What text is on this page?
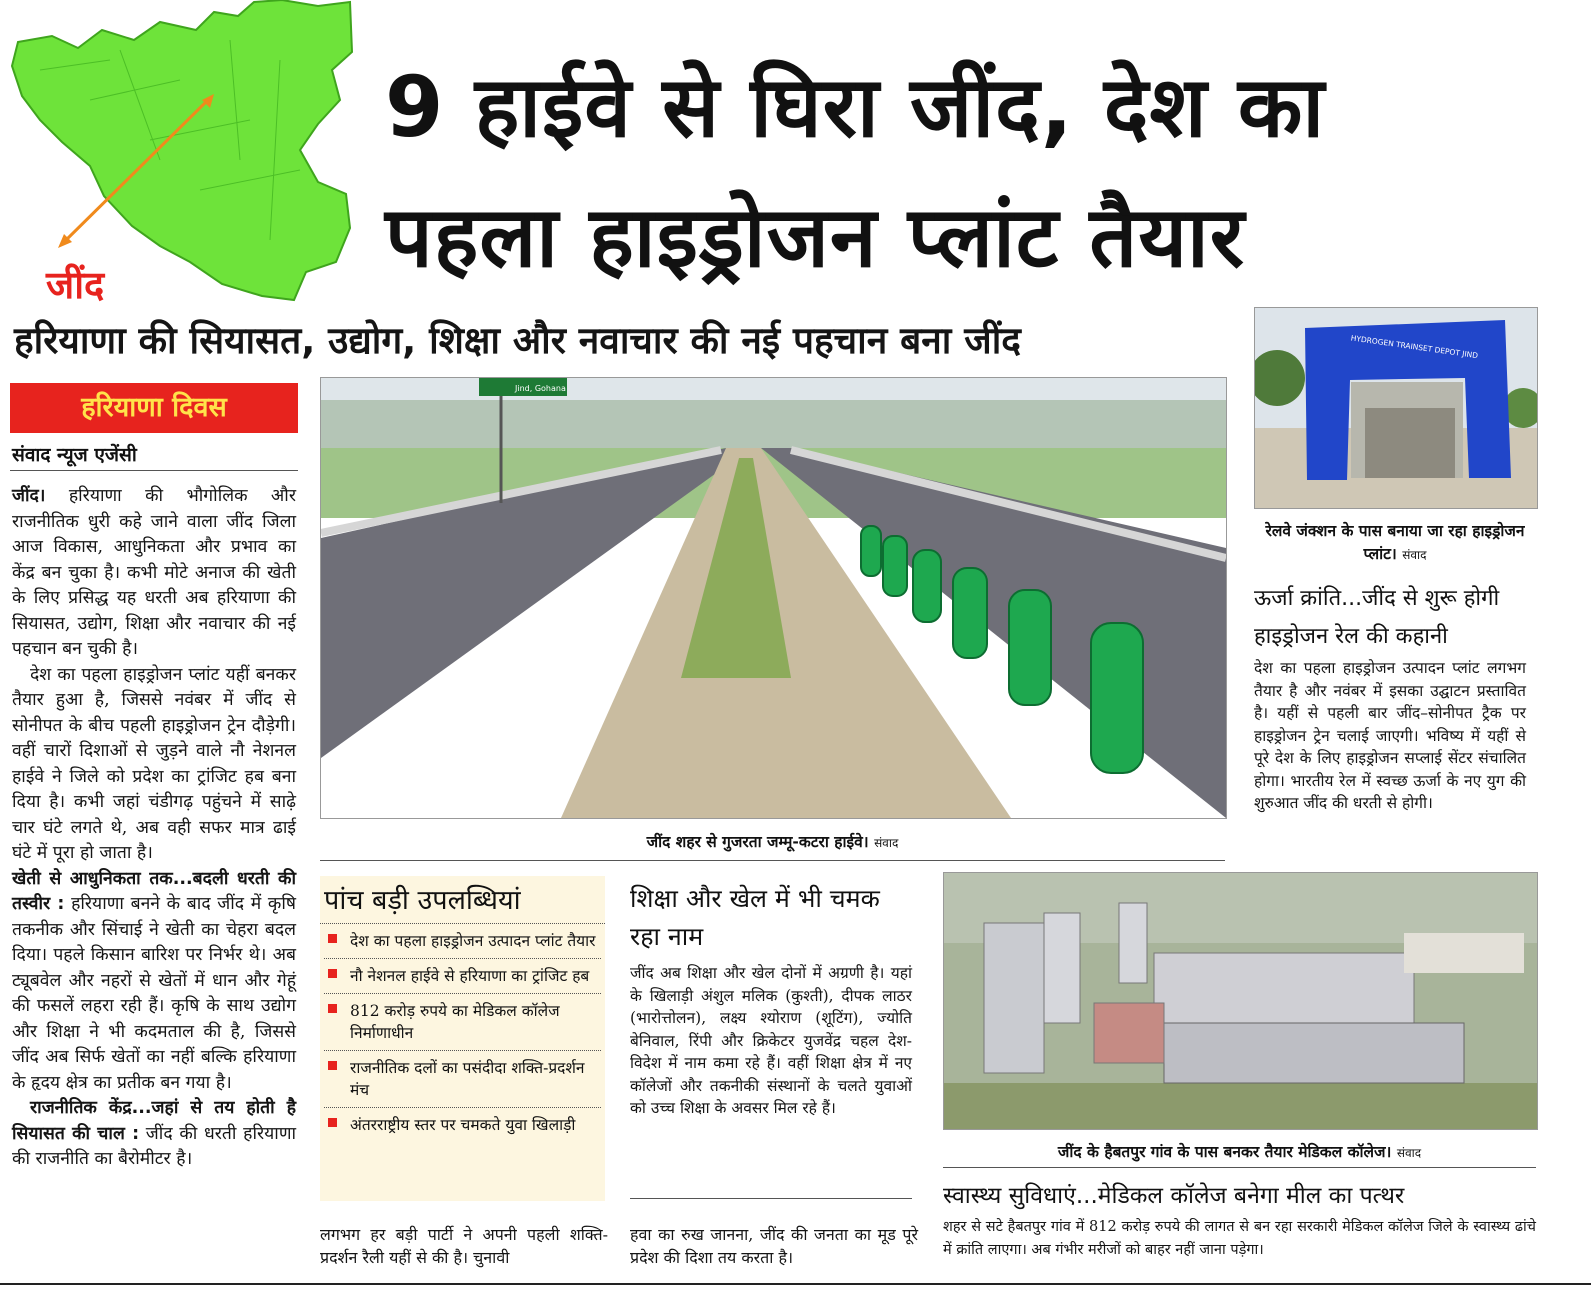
जींद
9 हाईवे से घिरा जींद, देश का
पहला हाइड्रोजन प्लांट तैयार
हरियाणा की सियासत, उद्योग, शिक्षा और नवाचार की नई पहचान बना जींद
हरियाणा दिवस
संवाद न्यूज एजेंसी

जींद। हरियाणा की भौगोलिक और राजनीतिक धुरी कहे जाने वाला जींद जिला आज विकास, आधुनिकता और प्रभाव का केंद्र बन चुका है। कभी मोटे अनाज की खेती के लिए प्रसिद्ध यह धरती अब हरियाणा की सियासत, उद्योग, शिक्षा और नवाचार की नई पहचान बन चुकी है।

देश का पहला हाइड्रोजन प्लांट यहीं बनकर तैयार हुआ है, जिससे नवंबर में जींद से सोनीपत के बीच पहली हाइड्रोजन ट्रेन दौड़ेगी। वहीं चारों दिशाओं से जुड़ने वाले नौ नेशनल हाईवे ने जिले को प्रदेश का ट्रांजिट हब बना दिया है। कभी जहां चंडीगढ़ पहुंचने में साढ़े चार घंटे लगते थे, अब वही सफर मात्र ढाई घंटे में पूरा हो जाता है।

खेती से आधुनिकता तक...बदली धरती की तस्वीर : हरियाणा बनने के बाद जींद में कृषि तकनीक और सिंचाई ने खेती का चेहरा बदल दिया। पहले किसान बारिश पर निर्भर थे। अब ट्यूबवेल और नहरों से खेतों में धान और गेहूं की फसलें लहरा रही हैं। कृषि के साथ उद्योग और शिक्षा ने भी कदमताल की है, जिससे जींद अब सिर्फ खेतों का नहीं बल्कि हरियाणा के हृदय क्षेत्र का प्रतीक बन गया है।

राजनीतिक केंद्र...जहां से तय होती है सियासत की चाल : जींद की धरती हरियाणा की राजनीति का बैरोमीटर है।

Jind, Gohana
जींद शहर से गुजरता जम्मू-कटरा हाईवे। संवाद
HYDROGEN TRAINSET DEPOT JIND
रेलवे जंक्शन के पास बनाया जा रहा हाइड्रोजन प्लांट। संवाद
ऊर्जा क्रांति...जींद से शुरू होगी हाइड्रोजन रेल की कहानी
देश का पहला हाइड्रोजन उत्पादन प्लांट लगभग तैयार है और नवंबर में इसका उद्घाटन प्रस्तावित है। यहीं से पहली बार जींद–सोनीपत ट्रैक पर हाइड्रोजन ट्रेन चलाई जाएगी। भविष्य में यहीं से पूरे देश के लिए हाइड्रोजन सप्लाई सेंटर संचालित होगा। भारतीय रेल में स्वच्छ ऊर्जा के नए युग की शुरुआत जींद की धरती से होगी।
पांच बड़ी उपलब्धियां
देश का पहला हाइड्रोजन उत्पादन प्लांट तैयार
नौ नेशनल हाईवे से हरियाणा का ट्रांजिट हब
812 करोड़ रुपये का मेडिकल कॉलेज निर्माणाधीन
राजनीतिक दलों का पसंदीदा शक्ति-प्रदर्शन मंच
अंतरराष्ट्रीय स्तर पर चमकते युवा खिलाड़ी
शिक्षा और खेल में भी चमक रहा नाम
जींद अब शिक्षा और खेल दोनों में अग्रणी है। यहां के खिलाड़ी अंशुल मलिक (कुश्ती), दीपक लाठर (भारोत्तोलन), लक्ष्य श्योराण (शूटिंग), ज्योति बेनिवाल, रिंपी और क्रिकेटर युजवेंद्र चहल देश-विदेश में नाम कमा रहे हैं। वहीं शिक्षा क्षेत्र में नए कॉलेजों और तकनीकी संस्थानों के चलते युवाओं को उच्च शिक्षा के अवसर मिल रहे हैं।
लगभग हर बड़ी पार्टी ने अपनी पहली शक्ति-प्रदर्शन रैली यहीं से की है। चुनावी
हवा का रुख जानना, जींद की जनता का मूड पूरे प्रदेश की दिशा तय करता है।
जींद के हैबतपुर गांव के पास बनकर तैयार मेडिकल कॉलेज। संवाद
स्वास्थ्य सुविधाएं...मेडिकल कॉलेज बनेगा मील का पत्थर
शहर से सटे हैबतपुर गांव में 812 करोड़ रुपये की लागत से बन रहा सरकारी मेडिकल कॉलेज जिले के स्वास्थ्य ढांचे में क्रांति लाएगा। अब गंभीर मरीजों को बाहर नहीं जाना पड़ेगा।
